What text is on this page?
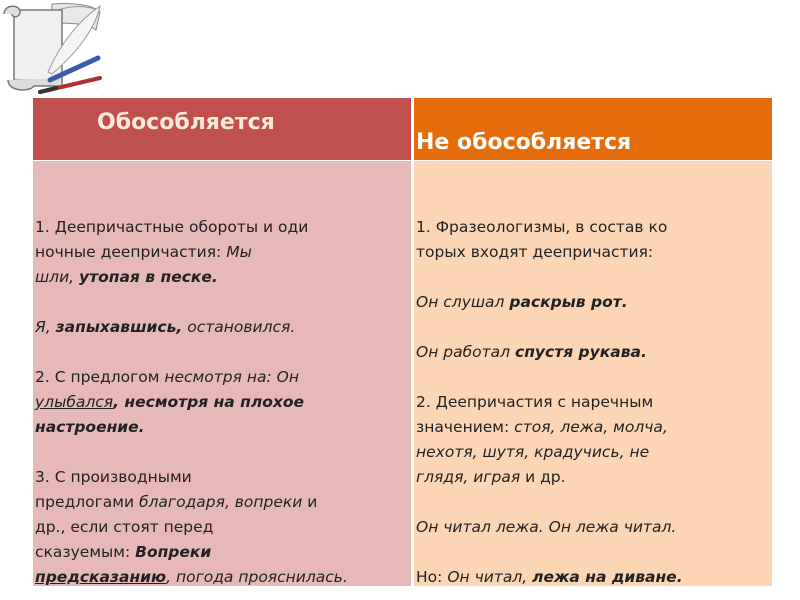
Обособляется
Не обособляется
1. Деепричастные обороты и оди
ночные деепричастия: Мы
шли, утопая в песке.
Я, запыхавшись, остановился.
2. С предлогом несмотря на: Он
улыбался, несмотря на плохое
настроение.
3. С производными
предлогами благодаря, вопреки и
др., если стоят перед
сказуемым: Вопреки
предсказанию, погода прояснилась.
1. Фразеологизмы, в состав ко
торых входят деепричастия:
Он слушал раскрыв рот.
Он работал спустя рукава.
2. Деепричастия с наречным
значением: стоя, лежа, молча,
нехотя, шутя, крадучись, не
глядя, играя и др.
Он читал лежа. Он лежа читал.
Но: Он читал, лежа на диване.
